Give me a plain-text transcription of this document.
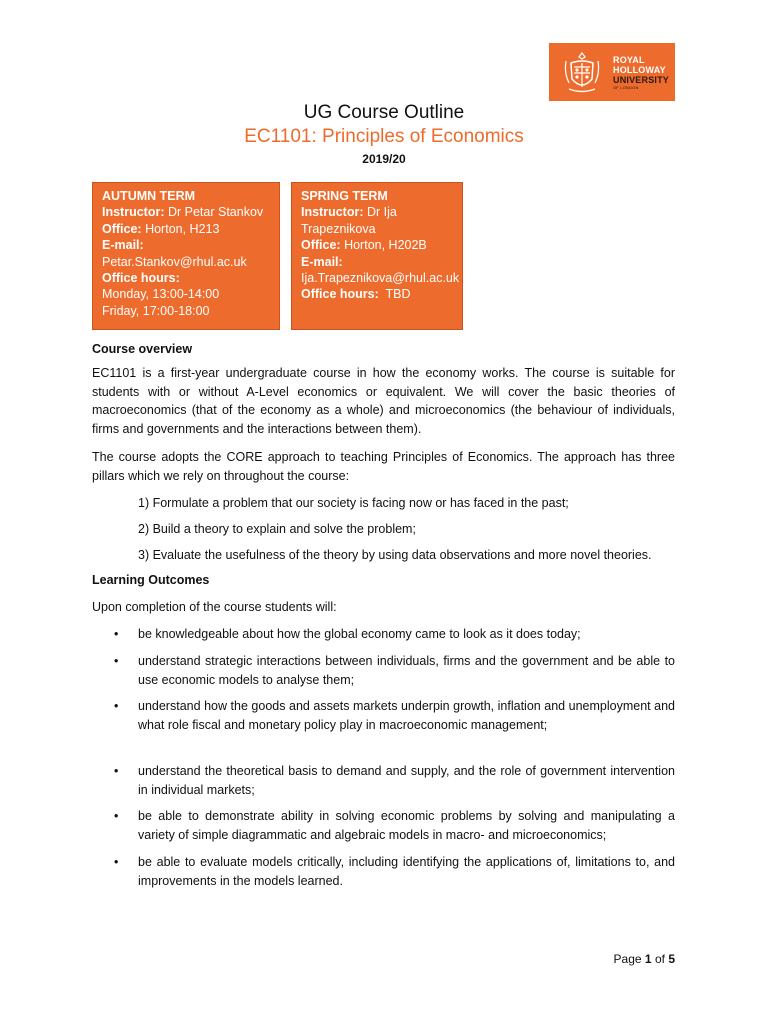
ROYAL
HOLLOWAY
UNIVERSITY
OF LONDON
UG Course Outline
EC1101: Principles of Economics
2019/20
AUTUMN TERM
Instructor: Dr Petar Stankov
Office: Horton, H213
E-mail:
Petar.Stankov@rhul.ac.uk
Office hours:
Monday, 13:00-14:00
Friday, 17:00-18:00
SPRING TERM
Instructor: Dr Ija Trapeznikova
Office: Horton, H202B
E-mail:
Ija.Trapeznikova@rhul.ac.uk
Office hours: TBD
Course overview
EC1101 is a first-year undergraduate course in how the economy works. The course is suitable for students with or without A-Level economics or equivalent. We will cover the basic theories of macroeconomics (that of the economy as a whole) and microeconomics (the behaviour of individuals, firms and governments and the interactions between them).
The course adopts the CORE approach to teaching Principles of Economics. The approach has three pillars which we rely on throughout the course:
1) Formulate a problem that our society is facing now or has faced in the past;
2) Build a theory to explain and solve the problem;
3) Evaluate the usefulness of the theory by using data observations and more novel theories.
Learning Outcomes
Upon completion of the course students will:
• be knowledgeable about how the global economy came to look as it does today;
• understand strategic interactions between individuals, firms and the government and be able to use economic models to analyse them;
• understand how the goods and assets markets underpin growth, inflation and unemployment and what role fiscal and monetary policy play in macroeconomic management;
• understand the theoretical basis to demand and supply, and the role of government intervention in individual markets;
• be able to demonstrate ability in solving economic problems by solving and manipulating a variety of simple diagrammatic and algebraic models in macro- and microeconomics;
• be able to evaluate models critically, including identifying the applications of, limitations to, and improvements in the models learned.
Page 1 of 5
